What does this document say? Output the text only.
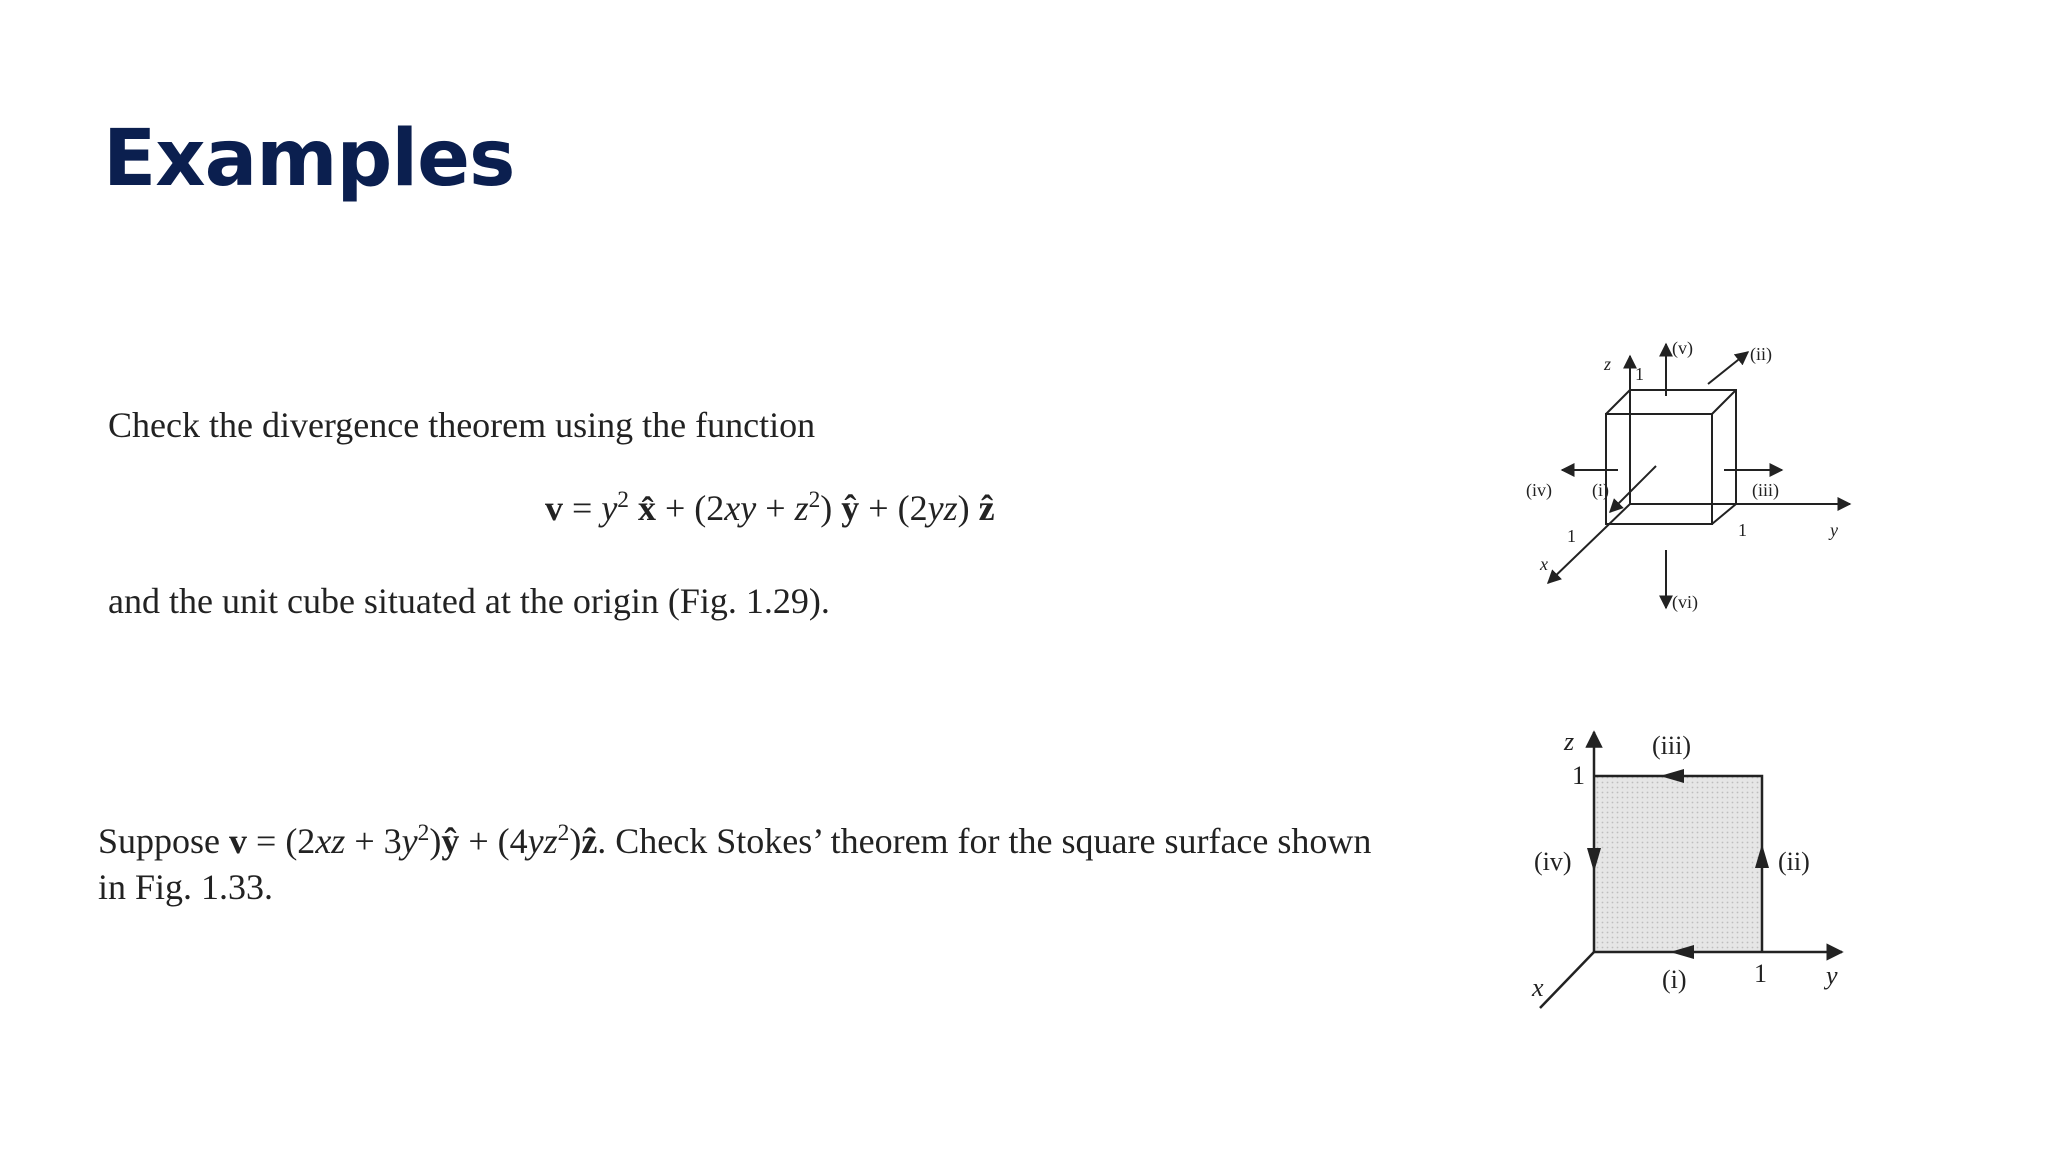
Examples
Check the divergence theorem using the function
$v = y^2$ x̂ + $(2xy + z^2)$ ŷ + (2yz) ẑ
and the unit cube situated at the origin (Fig. 1.29).
Suppose $v = (2xz + 3y^2)ŷ$ + $(4yz^2)ẑ$. Check Stokes’ theorem for the square surface shown
in Fig. 1.33.
z 1
(v)	(ii)
(iv) (i)	(iii)
1	1	y
x
(vi)
z
1
(iii)
(iv)	(ii)
(i)	1 y
x
